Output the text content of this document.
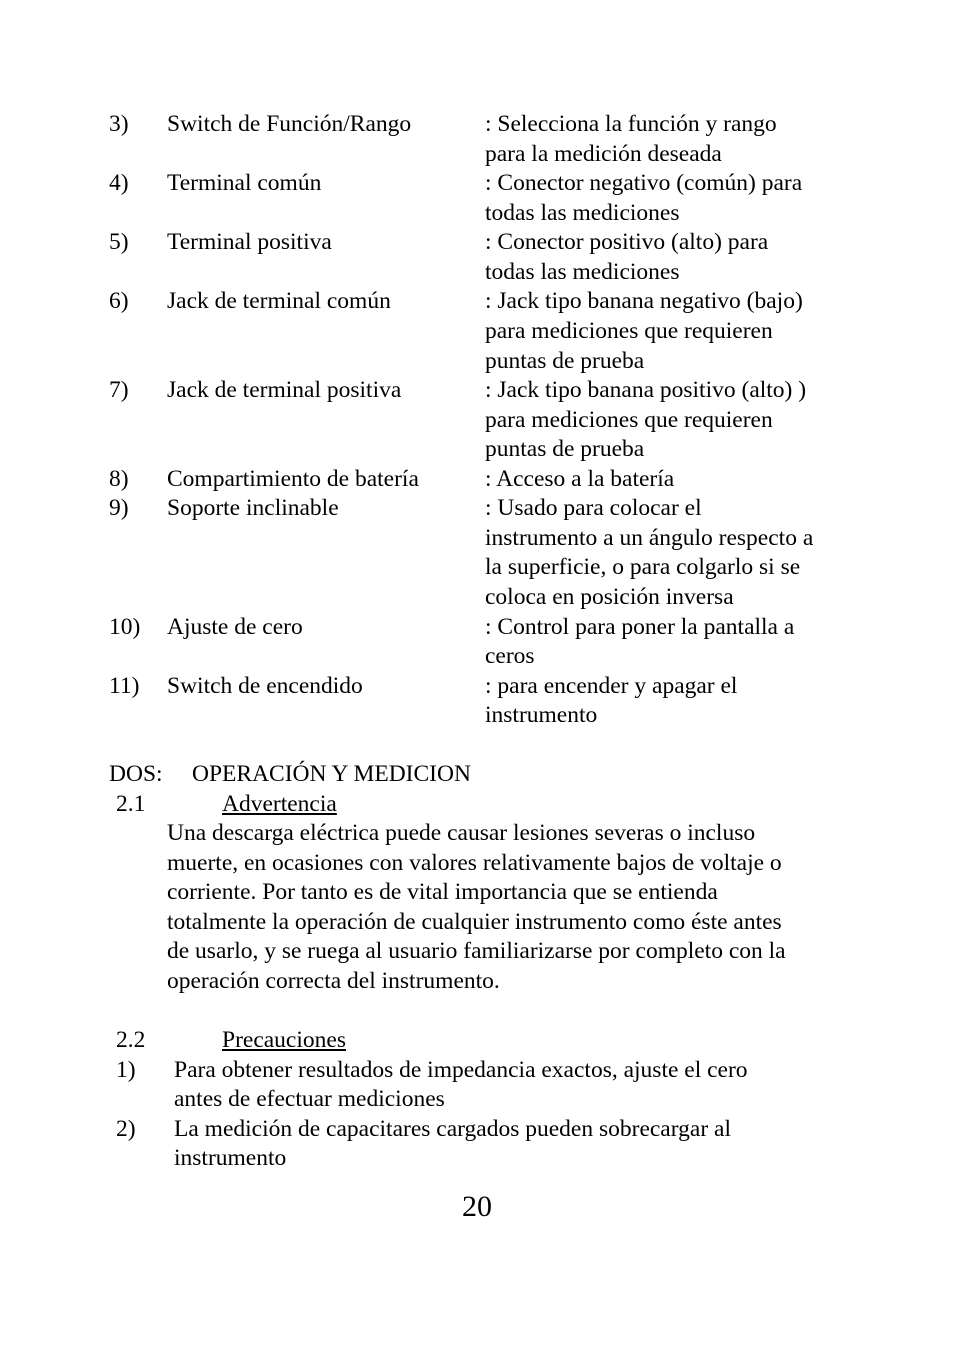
3) Switch de Función/Rango	: Selecciona la función y rango
para la medición deseada
4) Terminal común	: Conector negativo (común) para
todas las mediciones
5) Terminal positiva	: Conector positivo (alto) para
todas las mediciones
6) Jack de terminal común	: Jack tipo banana negativo (bajo)
para mediciones que requieren
puntas de prueba
7) Jack de terminal positiva	: Jack tipo banana positivo (alto) )
para mediciones que requieren
puntas de prueba
8) Compartimiento de batería	: Acceso a la batería
9) Soporte inclinable	: Usado para colocar el
instrumento a un ángulo respecto a
la superficie, o para colgarlo si se
coloca en posición inversa
10) Ajuste de cero	: Control para poner la pantalla a
ceros
11) Switch de encendido	: para encender y apagar el
instrumento
DOS: OPERACIÓN Y MEDICION
2.1	Advertencia
Una descarga eléctrica puede causar lesiones severas o incluso
muerte, en ocasiones con valores relativamente bajos de voltaje o
corriente. Por tanto es de vital importancia que se entienda
totalmente la operación de cualquier instrumento como éste antes
de usarlo, y se ruega al usuario familiarizarse por completo con la
operación correcta del instrumento.
2.2	Precauciones
1) Para obtener resultados de impedancia exactos, ajuste el cero
antes de efectuar mediciones
2) La medición de capacitares cargados pueden sobrecargar al
instrumento
20
